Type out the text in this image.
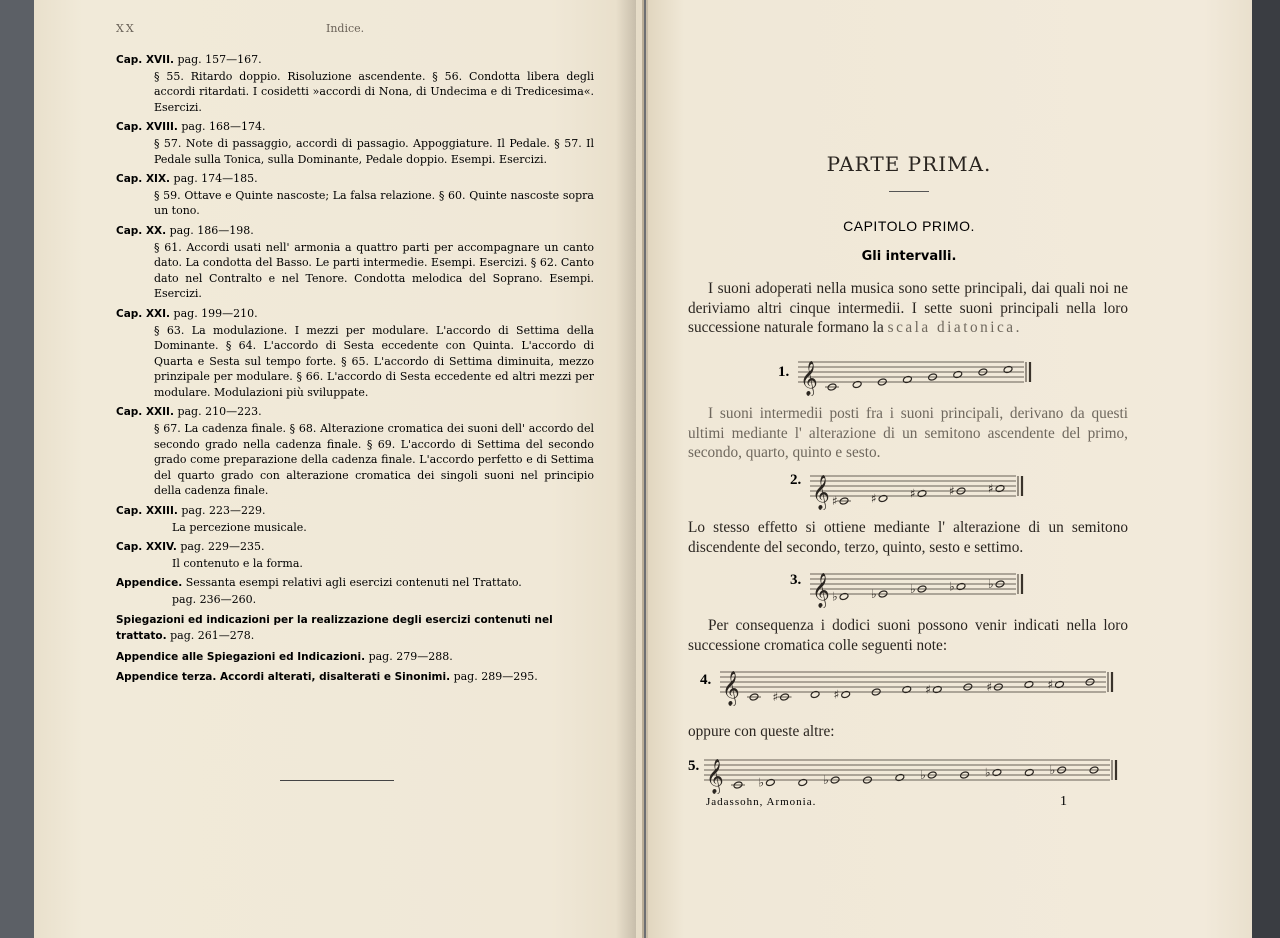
XX	Indice.
Cap. XVII. pag. 157—167.
§ 55. Ritardo doppio. Risoluzione ascendente. § 56. Condotta libera degli accordi ritardati. I cosidetti »accordi di Nona, di Undecima e di Tredicesima«. Esercizi.
Cap. XVIII. pag. 168—174.
§ 57. Note di passaggio, accordi di passagio. Appoggiature. Il Pedale. § 57. Il Pedale sulla Tonica, sulla Dominante, Pedale doppio. Esempi. Esercizi.
Cap. XIX. pag. 174—185.
§ 59. Ottave e Quinte nascoste; La falsa relazione. § 60. Quinte nascoste sopra un tono.
Cap. XX. pag. 186—198.
§ 61. Accordi usati nell' armonia a quattro parti per accompagnare un canto dato. La condotta del Basso. Le parti intermedie. Esempi. Esercizi. § 62. Canto dato nel Contralto e nel Tenore. Condotta melodica del Soprano. Esempi. Esercizi.
Cap. XXI. pag. 199—210.
§ 63. La modulazione. I mezzi per modulare. L'accordo di Settima della Dominante. § 64. L'accordo di Sesta eccedente con Quinta. L'accordo di Quarta e Sesta sul tempo forte. § 65. L'accordo di Settima diminuita, mezzo prinzipale per modulare. § 66. L'accordo di Sesta eccedente ed altri mezzi per modulare. Modulazioni più sviluppate.
Cap. XXII. pag. 210—223.
§ 67. La cadenza finale. § 68. Alterazione cromatica dei suoni dell' accordo del secondo grado nella cadenza finale. § 69. L'accordo di Settima del secondo grado come preparazione della cadenza finale. L'accordo perfetto e di Settima del quarto grado con alterazione cromatica dei singoli suoni nel principio della cadenza finale.
Cap. XXIII. pag. 223—229.
La percezione musicale.
Cap. XXIV. pag. 229—235.
Il contenuto e la forma.
Appendice. Sessanta esempi relativi agli esercizi contenuti nel Trattato.
pag. 236—260.
Spiegazioni ed indicazioni per la realizzazione degli esercizi contenuti nel trattato. pag. 261—278.
Appendice alle Spiegazioni ed Indicazioni. pag. 279—288.
Appendice terza. Accordi alterati, disalterati e Sinonimi. pag. 289—295.
PARTE PRIMA.
CAPITOLO PRIMO.
Gli intervalli.
I suoni adoperati nella musica sono sette principali, dai quali noi ne deriviamo altri cinque intermedii. I sette suoni principali nella loro successione naturale formano la scala diatonica.
1. 𝄞
I suoni intermedii posti fra i suoni principali, derivano da questi ultimi mediante l' alterazione di un semitono ascendente del primo, secondo, quarto, quinto e sesto.
2. 𝄞 ♯	♯	♯	♯	♯
Lo stesso effetto si ottiene mediante l' alterazione di un semitono discendente del secondo, terzo, quinto, sesto e settimo.
3. 𝄞 ♭	♭	♭	♭	♭
Per consequenza i dodici suoni possono venir indicati nella loro successione cromatica colle seguenti note:
4. 𝄞	♯	♯	♯	♯	♯
oppure con queste altre:
5. 𝄞	♭	♭	♭	♭	♭
Jadassohn, Armonia.	1
